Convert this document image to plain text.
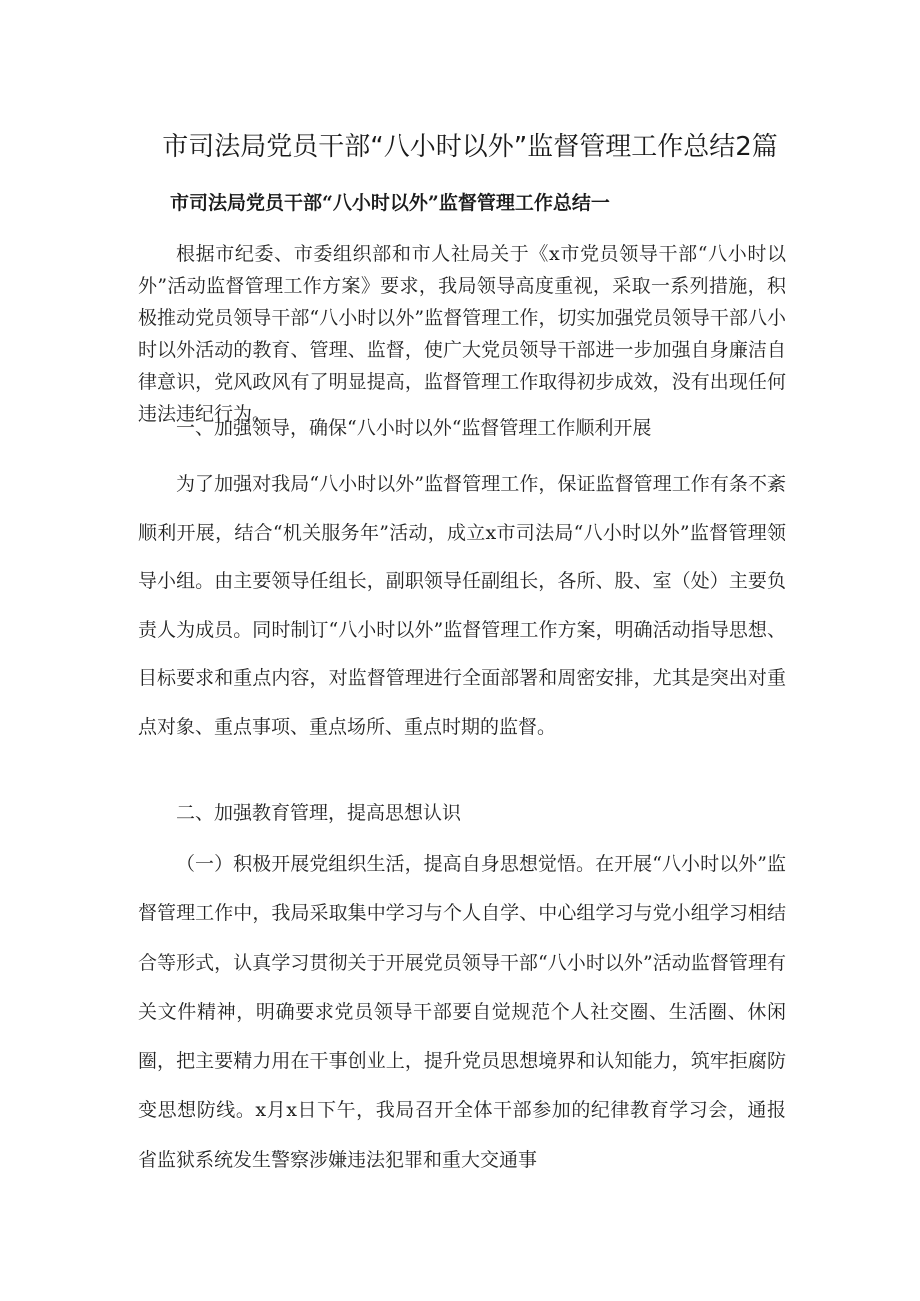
市司法局党员干部“八小时以外”监督管理工作总结2篇
市司法局党员干部“八小时以外”监督管理工作总结一

根据市纪委、市委组织部和市人社局关于《x市党员领导干部“八小时以外”活动监督管理工作方案》要求，我局领导高度重视，采取一系列措施，积极推动党员领导干部“八小时以外”监督管理工作，切实加强党员领导干部八小时以外活动的教育、管理、监督，使广大党员领导干部进一步加强自身廉洁自律意识，党风政风有了明显提高，监督管理工作取得初步成效，没有出现任何违法违纪行为。

一、加强领导，确保“八小时以外“监督管理工作顺利开展

为了加强对我局“八小时以外”监督管理工作，保证监督管理工作有条不紊顺利开展，结合“机关服务年”活动，成立x市司法局“八小时以外”监督管理领导小组。由主要领导任组长，副职领导任副组长，各所、股、室（处）主要负责人为成员。同时制订“八小时以外”监督管理工作方案，明确活动指导思想、目标要求和重点内容，对监督管理进行全面部署和周密安排，尤其是突出对重点对象、重点事项、重点场所、重点时期的监督。

二、加强教育管理，提高思想认识

（一）积极开展党组织生活，提高自身思想觉悟。在开展“八小时以外”监督管理工作中，我局采取集中学习与个人自学、中心组学习与党小组学习相结合等形式，认真学习贯彻关于开展党员领导干部“八小时以外”活动监督管理有关文件精神，明确要求党员领导干部要自觉规范个人社交圈、生活圈、休闲圈，把主要精力用在干事创业上，提升党员思想境界和认知能力，筑牢拒腐防变思想防线。x月x日下午，我局召开全体干部参加的纪律教育学习会，通报省监狱系统发生警察涉嫌违法犯罪和重大交通事
